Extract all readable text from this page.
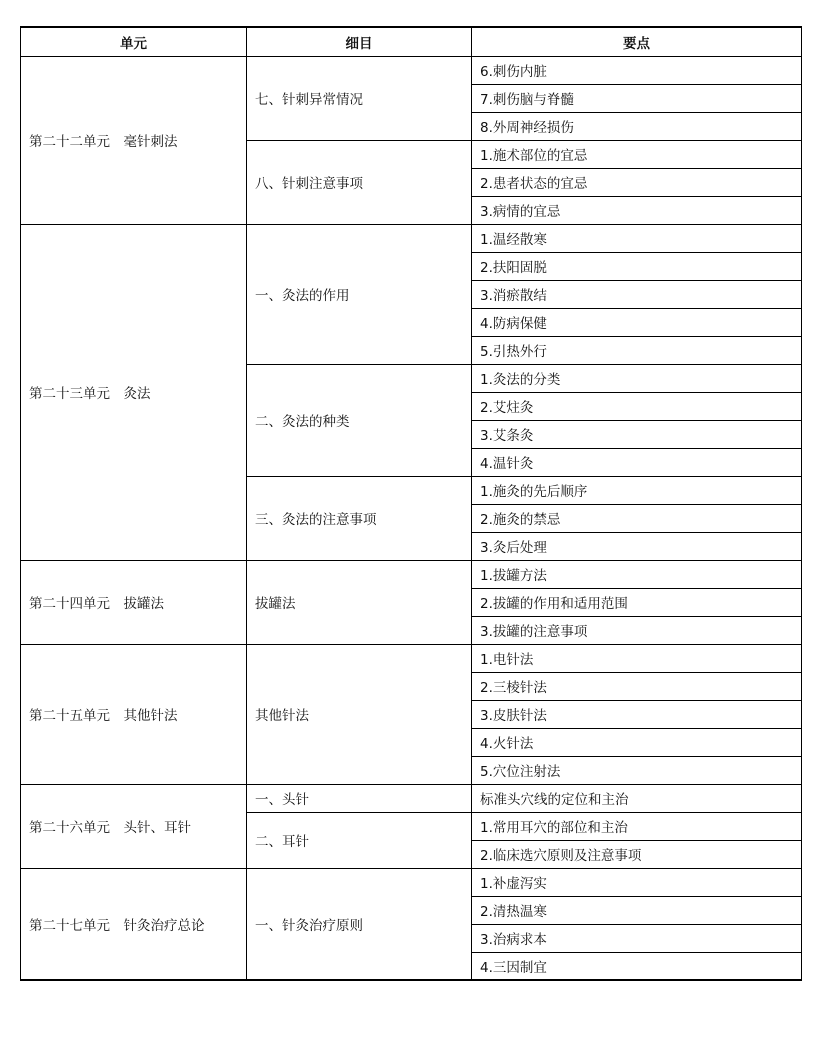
单元	细目	要点
第二十二单元　毫针刺法	七、针刺异常情况	6.刺伤内脏
		7.刺伤脑与脊髓
		8.外周神经损伤
	八、针刺注意事项	1.施术部位的宜忌
		2.患者状态的宜忌
		3.病情的宜忌
第二十三单元　灸法	一、灸法的作用	1.温经散寒
		2.扶阳固脱
		3.消瘀散结
		4.防病保健
		5.引热外行
	二、灸法的种类	1.灸法的分类
		2.艾炷灸
		3.艾条灸
		4.温针灸
	三、灸法的注意事项	1.施灸的先后顺序
		2.施灸的禁忌
		3.灸后处理
第二十四单元　拔罐法	拔罐法	1.拔罐方法
		2.拔罐的作用和适用范围
		3.拔罐的注意事项
第二十五单元　其他针法	其他针法	1.电针法
		2.三棱针法
		3.皮肤针法
		4.火针法
		5.穴位注射法
第二十六单元　头针、耳针	一、头针	标准头穴线的定位和主治
	二、耳针	1.常用耳穴的部位和主治
		2.临床选穴原则及注意事项
第二十七单元　针灸治疗总论	一、针灸治疗原则	1.补虚泻实
		2.清热温寒
		3.治病求本
		4.三因制宜
